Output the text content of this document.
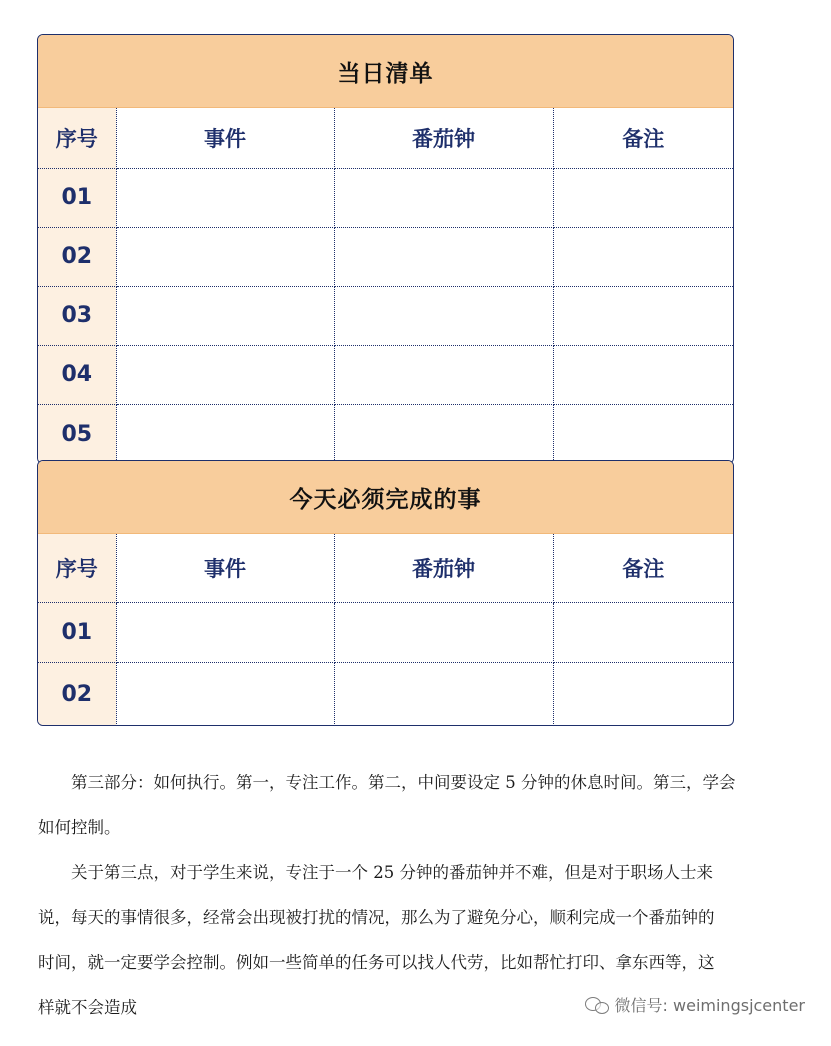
当日清单
序号	事件	番茄钟	备注
01			
02			
03			
04			
05			
今天必须完成的事
序号	事件	番茄钟	备注
01			
02			

第三部分：如何执行。第一，专注工作。第二，中间要设定 5 分钟的休息时间。第三，学会如何控制。

关于第三点，对于学生来说，专注于一个 25 分钟的番茄钟并不难，但是对于职场人士来说，每天的事情很多，经常会出现被打扰的情况，那么为了避免分心，顺利完成一个番茄钟的时间，就一定要学会控制。例如一些简单的任务可以找人代劳，比如帮忙打印、拿东西等，这样就不会造成	微信号: weimingsjcenter
